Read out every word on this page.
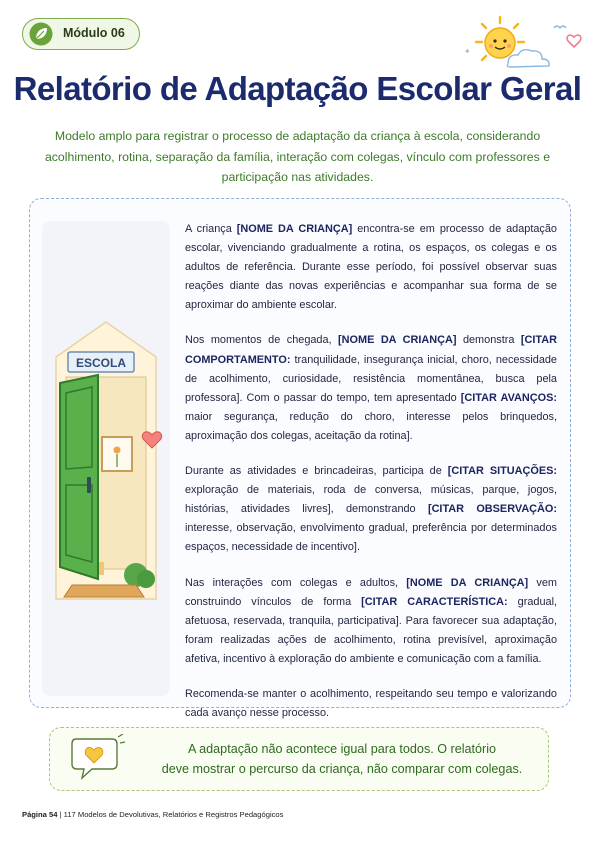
Módulo 06
✦
Relatório de Adaptação Escolar Geral
Modelo amplo para registrar o processo de adaptação da criança à escola, considerando acolhimento, rotina, separação da família, interação com colegas, vínculo com professores e participação nas atividades.
ESCOLA

A criança [NOME DA CRIANÇA] encontra-se em processo de adaptação escolar, vivenciando gradualmente a rotina, os espaços, os colegas e os adultos de referência. Durante esse período, foi possível observar suas reações diante das novas experiências e acompanhar sua forma de se aproximar do ambiente escolar.

Nos momentos de chegada, [NOME DA CRIANÇA] demonstra [CITAR COMPORTAMENTO: tranquilidade, insegurança inicial, choro, necessidade de acolhimento, curiosidade, resistência momentânea, busca pela professora]. Com o passar do tempo, tem apresentado [CITAR AVANÇOS: maior segurança, redução do choro, interesse pelos brinquedos, aproximação dos colegas, aceitação da rotina].

Durante as atividades e brincadeiras, participa de [CITAR SITUAÇÕES: exploração de materiais, roda de conversa, músicas, parque, jogos, histórias, atividades livres], demonstrando [CITAR OBSERVAÇÃO: interesse, observação, envolvimento gradual, preferência por determinados espaços, necessidade de incentivo].

Nas interações com colegas e adultos, [NOME DA CRIANÇA] vem construindo vínculos de forma [CITAR CARACTERÍSTICA: gradual, afetuosa, reservada, tranquila, participativa]. Para favorecer sua adaptação, foram realizadas ações de acolhimento, rotina previsível, aproximação afetiva, incentivo à exploração do ambiente e comunicação com a família.

Recomenda-se manter o acolhimento, respeitando seu tempo e valorizando cada avanço nesse processo.

A adaptação não acontece igual para todos. O relatório
deve mostrar o percurso da criança, não comparar com colegas.
Página 54 | 117 Modelos de Devolutivas, Relatórios e Registros Pedagógicos
